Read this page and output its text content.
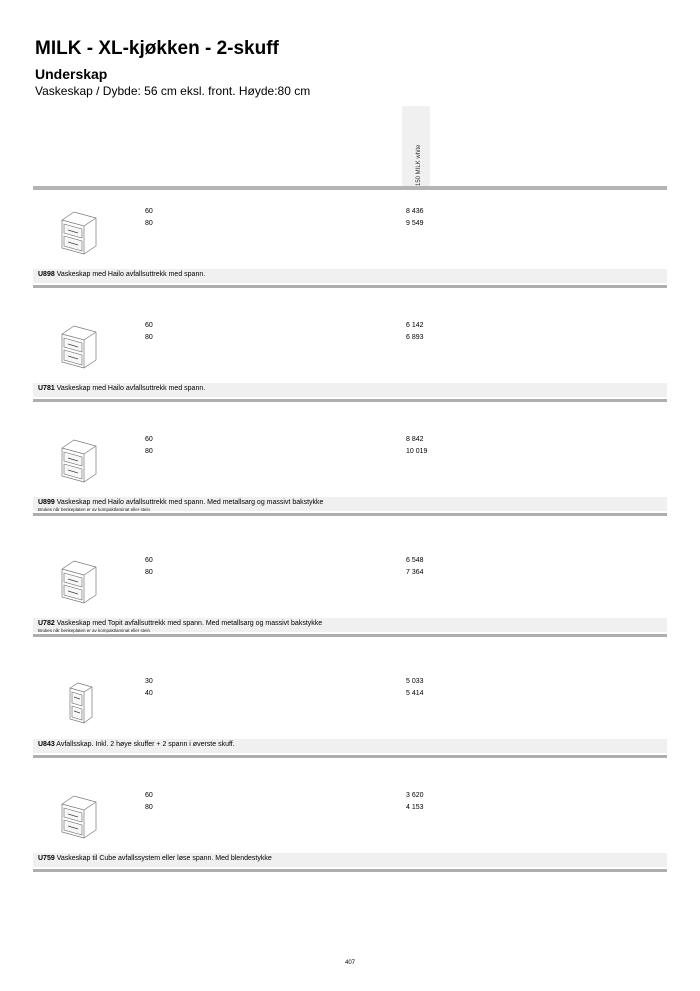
MILK - XL-kjøkken - 2-skuff
Underskap
Vaskeskap / Dybde: 56 cm eksl. front. Høyde:80 cm
150 MILK white
60
80
8 436
9 549
U898 Vaskeskap med Hailo avfallsuttrekk med spann.
60
80
6 142
6 893
U781 Vaskeskap med Hailo avfallsuttrekk med spann.
60
80
8 842
10 019
U899 Vaskeskap med Hailo avfallsuttrekk med spann. Med metallsarg og massivt bakstykke
Brukes når benkeplaten er av kompaktlaminat eller stein
60
80
6 548
7 364
U782 Vaskeskap med Topit avfallsuttrekk med spann. Med metallsarg og massivt bakstykke
Brukes når benkeplaten er av kompaktlaminat eller stein
30
40
5 033
5 414
U843 Avfallsskap. Inkl. 2 høye skuffer + 2 spann i øverste skuff.
60
80
3 620
4 153
U759 Vaskeskap til Cube avfallssystem eller løse spann. Med blendestykke
407
